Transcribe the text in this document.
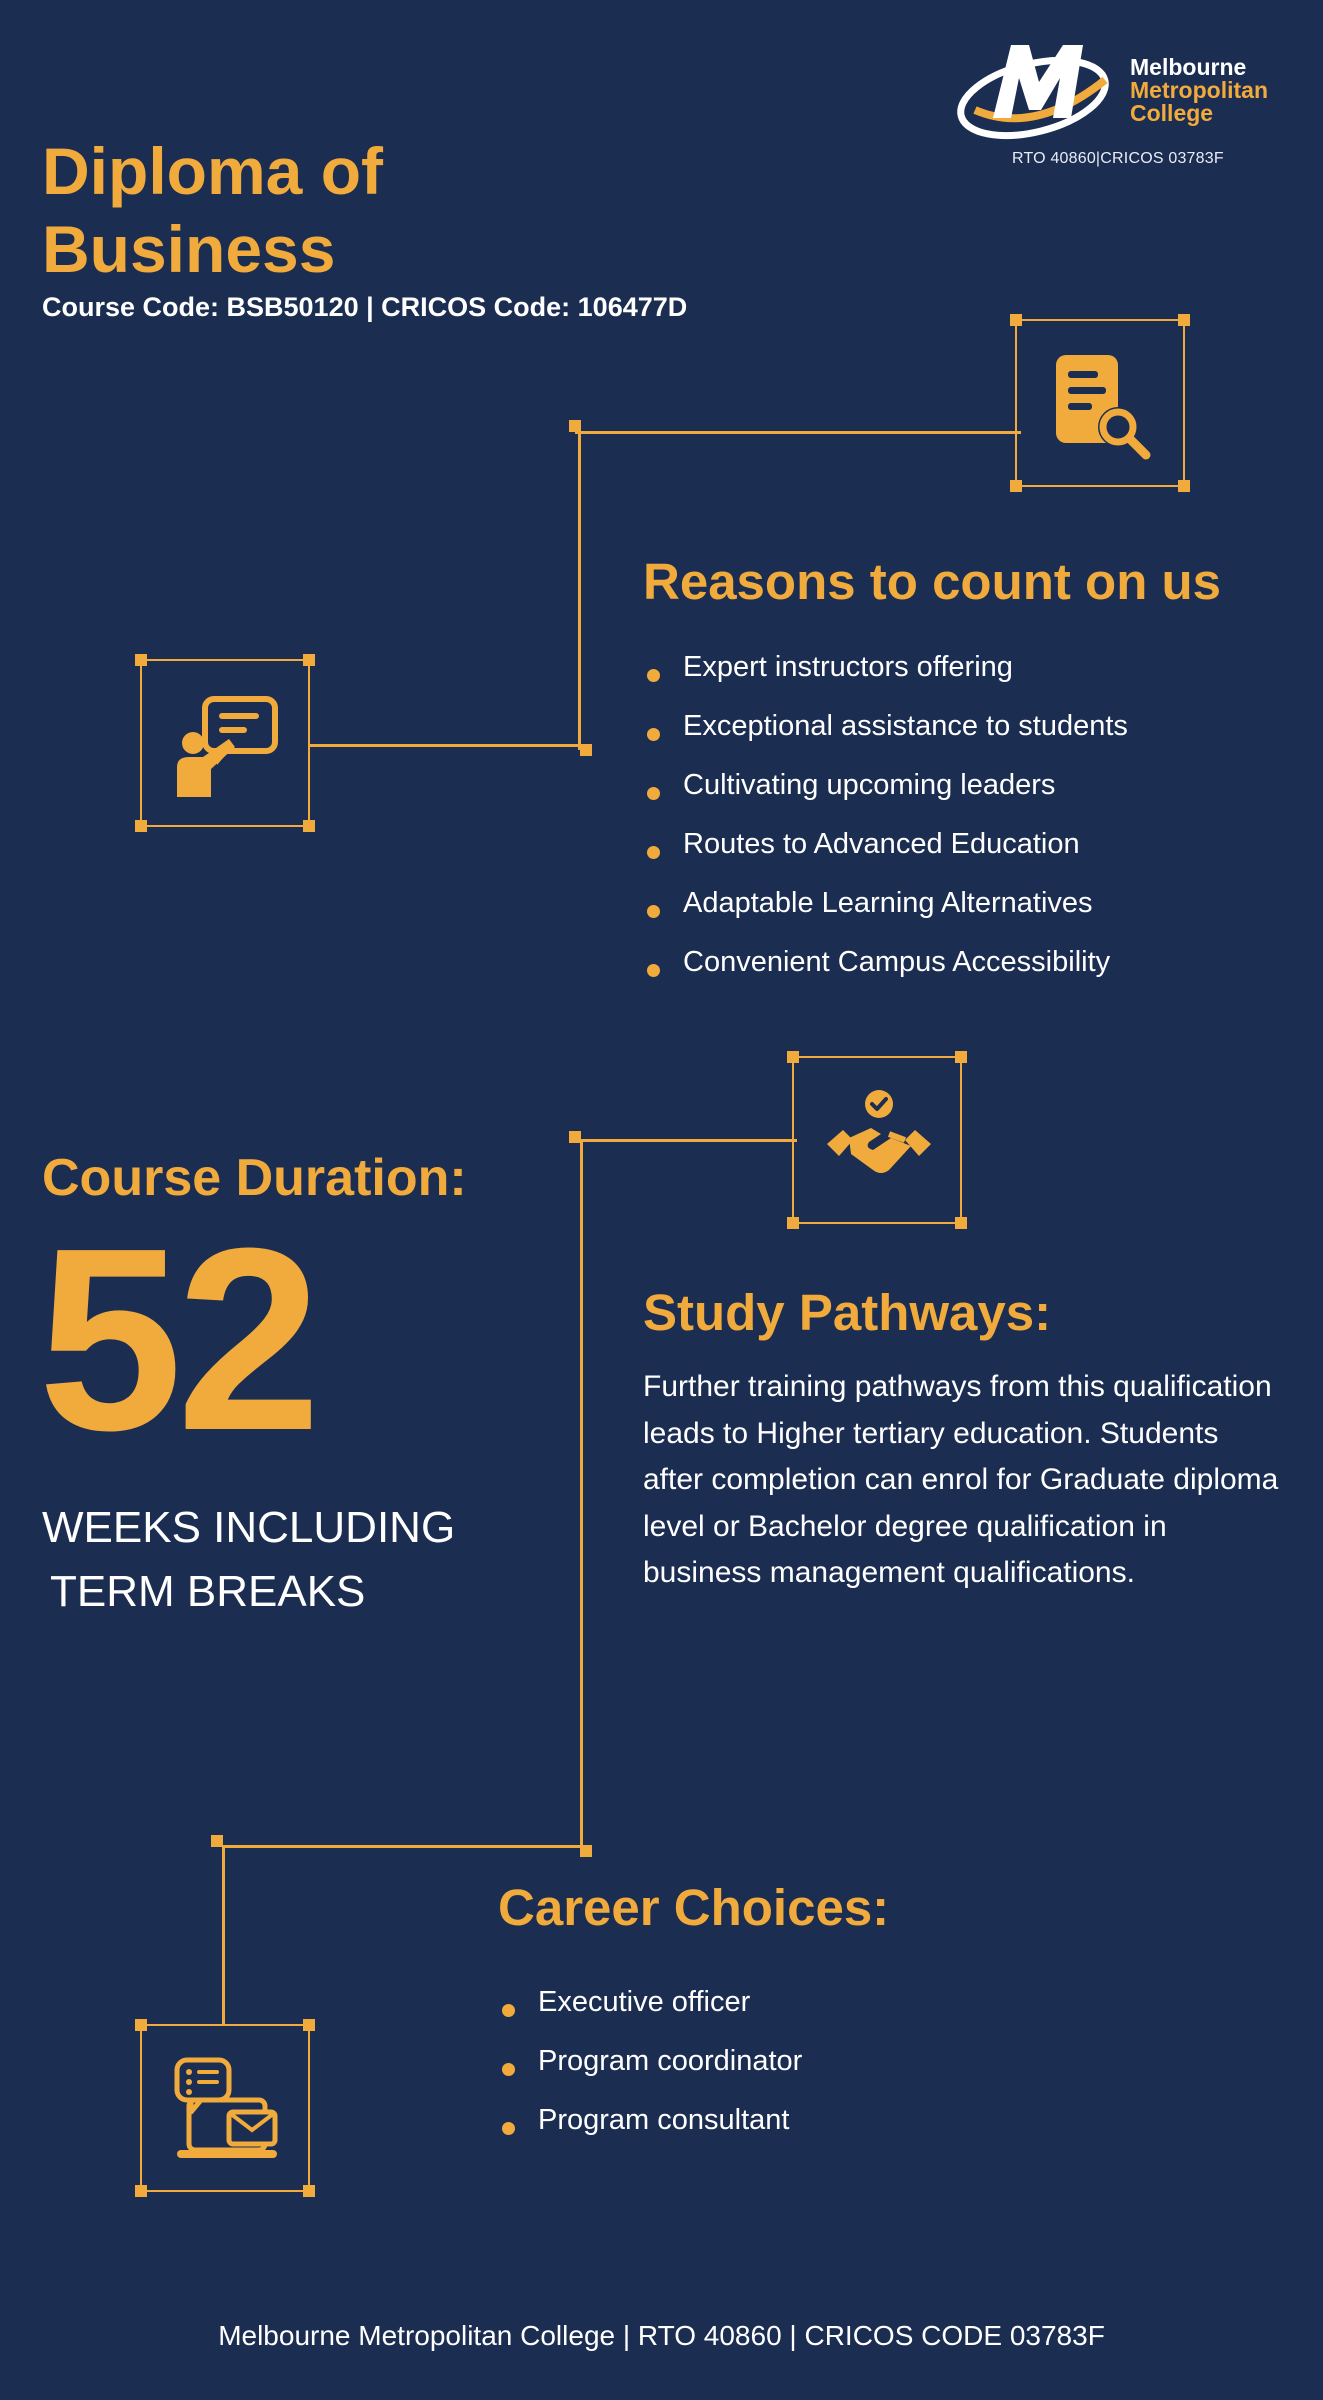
Melbourne
Metropolitan
College
RTO 40860|CRICOS 03783F
Diploma of
Business
Course Code: BSB50120 | CRICOS Code: 106477D
Reasons to count on us
Expert instructors offering
Exceptional assistance to students
Cultivating upcoming leaders
Routes to Advanced Education
Adaptable Learning Alternatives
Convenient Campus Accessibility
Course Duration:
52
WEEKS INCLUDING
TERM BREAKS
Study Pathways:
Further training pathways from this qualification leads to Higher tertiary education. Students after completion can enrol for Graduate diploma level or Bachelor degree qualification in business management qualifications.
Career Choices:
Executive officer
Program coordinator
Program consultant
Melbourne Metropolitan College | RTO 40860 | CRICOS CODE 03783F
